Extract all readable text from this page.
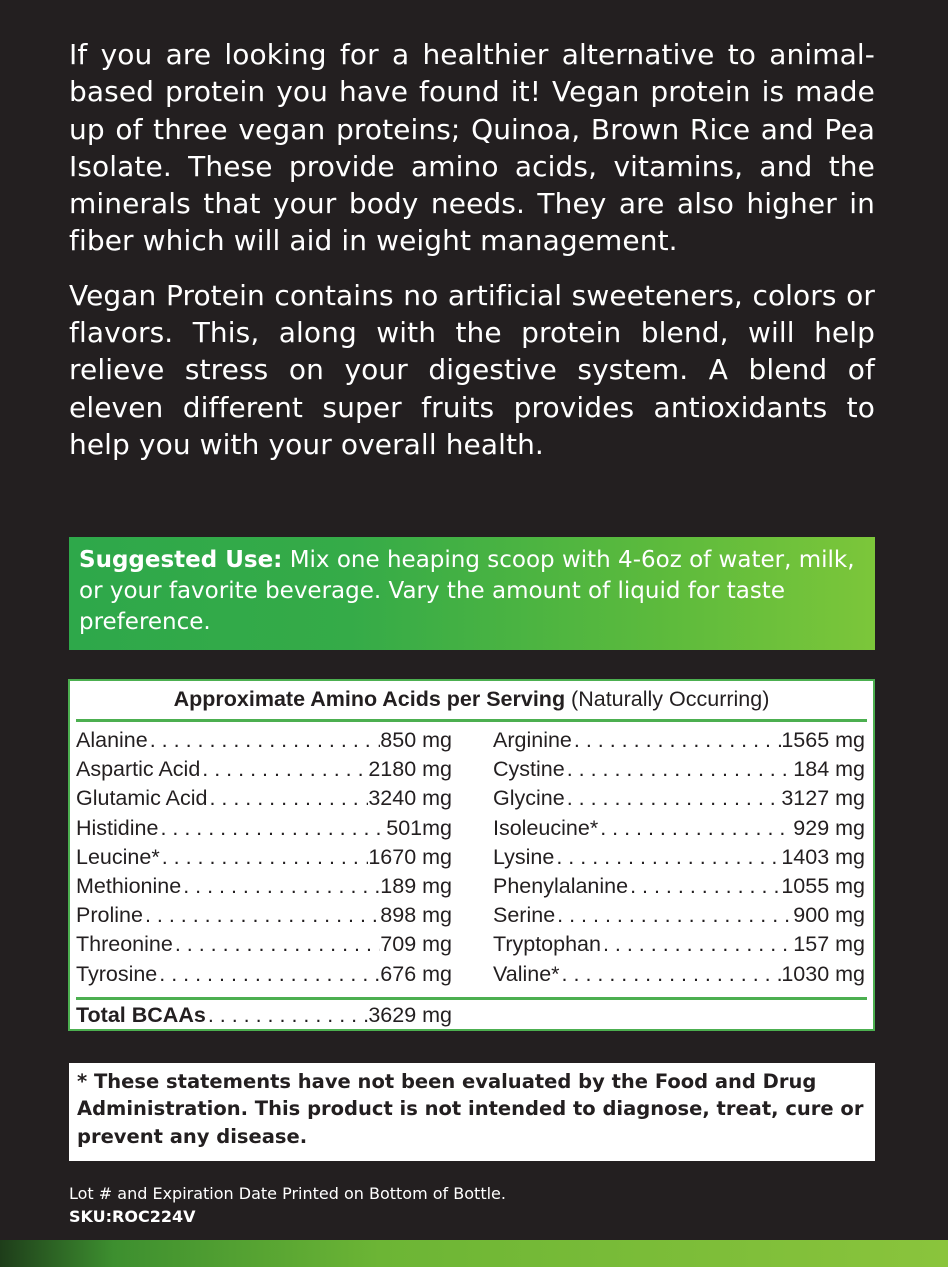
If you are looking for a healthier alternative to animal-based protein you have found it! Vegan protein is made up of three vegan proteins; Quinoa, Brown Rice and Pea Isolate. These provide amino acids, vitamins, and the minerals that your body needs. They are also higher in fiber which will aid in weight management.

Vegan Protein contains no artificial sweeteners, colors or flavors. This, along with the protein blend, will help relieve stress on your digestive system. A blend of eleven different super fruits provides antioxidants to help you with your overall health.

Suggested Use: Mix one heaping scoop with 4-6oz of water, milk, or your favorite beverage. Vary the amount of liquid for taste preference.
Approximate Amino Acids per Serving (Naturally Occurring)
Alanine . . .	850 mg
Aspartic Acid . . .	2180 mg
Glutamic Acid . . .	3240 mg
Histidine . . .	501mg
Leucine* . . .	1670 mg
Methionine . . .	189 mg
Proline . . .	898 mg
Threonine . . .	709 mg
Tyrosine . . .	676 mg
Arginine . . .	1565 mg
Cystine . . .	184 mg
Glycine . . .	3127 mg
Isoleucine* . . .	929 mg
Lysine . . .	1403 mg
Phenylalanine . . .	1055 mg
Serine . . .	900 mg
Tryptophan . . .	157 mg
Valine* . . .	1030 mg
Total BCAAs . . .	3629 mg
* These statements have not been evaluated by the Food and Drug Administration. This product is not intended to diagnose, treat, cure or prevent any disease.
Lot # and Expiration Date Printed on Bottom of Bottle.
SKU:ROC224V
